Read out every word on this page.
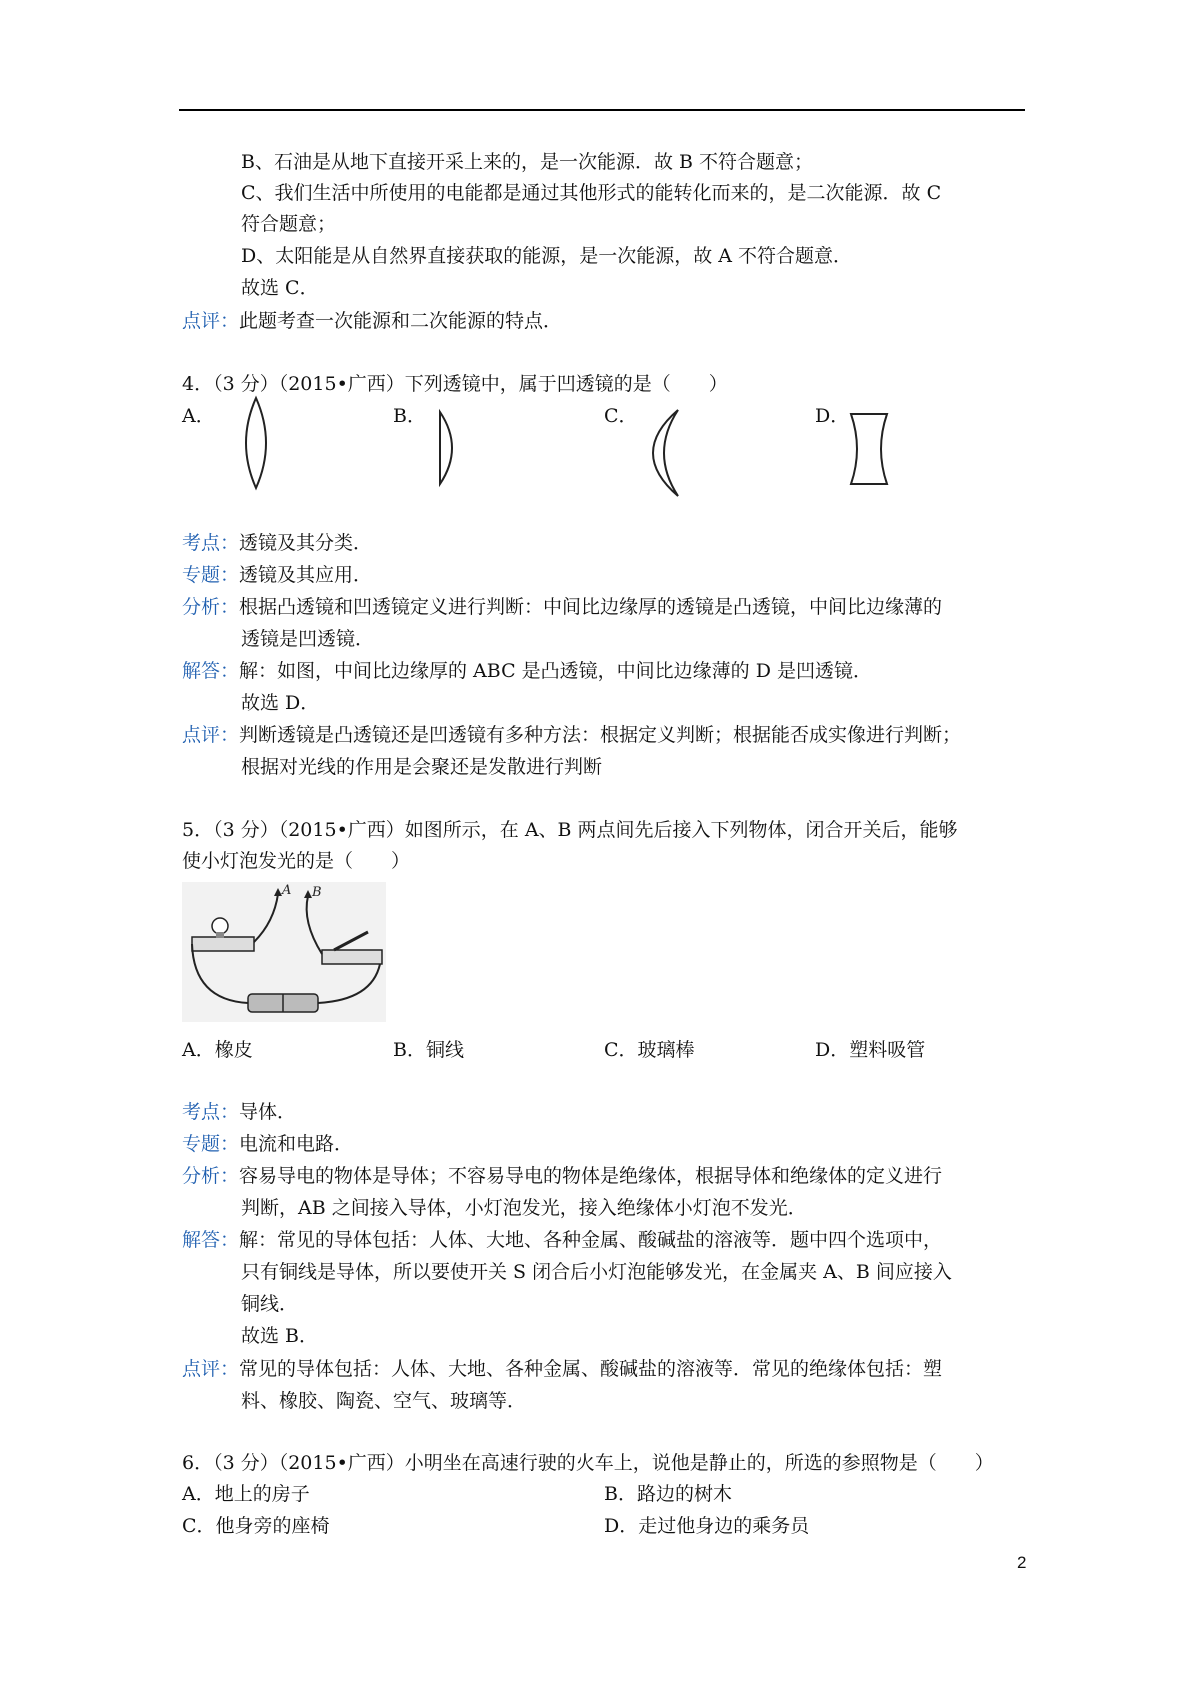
B、石油是从地下直接开采上来的，是一次能源．故 B 不符合题意；
C、我们生活中所使用的电能都是通过其他形式的能转化而来的，是二次能源．故 C
符合题意；
D、太阳能是从自然界直接获取的能源，是一次能源，故 A 不符合题意．
故选 C．
点评：此题考查一次能源和二次能源的特点．
4．（3 分）（2015•广西）下列透镜中，属于凹透镜的是（　　）
A．	B．	C．	D．
考点：透镜及其分类．
专题：透镜及其应用．
分析：根据凸透镜和凹透镜定义进行判断：中间比边缘厚的透镜是凸透镜，中间比边缘薄的
透镜是凹透镜．
解答：解：如图，中间比边缘厚的 ABC 是凸透镜，中间比边缘薄的 D 是凹透镜．
故选 D．
点评：判断透镜是凸透镜还是凹透镜有多种方法：根据定义判断；根据能否成实像进行判断；
根据对光线的作用是会聚还是发散进行判断
5．（3 分）（2015•广西）如图所示，在 A、B 两点间先后接入下列物体，闭合开关后，能够
使小灯泡发光的是（　　）
A B
A．橡皮	B．铜线	C．玻璃棒	D．塑料吸管
考点：导体．
专题：电流和电路．
分析：容易导电的物体是导体；不容易导电的物体是绝缘体，根据导体和绝缘体的定义进行
判断，AB 之间接入导体，小灯泡发光，接入绝缘体小灯泡不发光．
解答：解：常见的导体包括：人体、大地、各种金属、酸碱盐的溶液等．题中四个选项中，
只有铜线是导体，所以要使开关 S 闭合后小灯泡能够发光，在金属夹 A、B 间应接入
铜线．
故选 B．
点评：常见的导体包括：人体、大地、各种金属、酸碱盐的溶液等．常见的绝缘体包括：塑
料、橡胶、陶瓷、空气、玻璃等．
6．（3 分）（2015•广西）小明坐在高速行驶的火车上，说他是静止的，所选的参照物是（　　）
A．地上的房子	B．路边的树木
C．他身旁的座椅	D．走过他身边的乘务员
2
